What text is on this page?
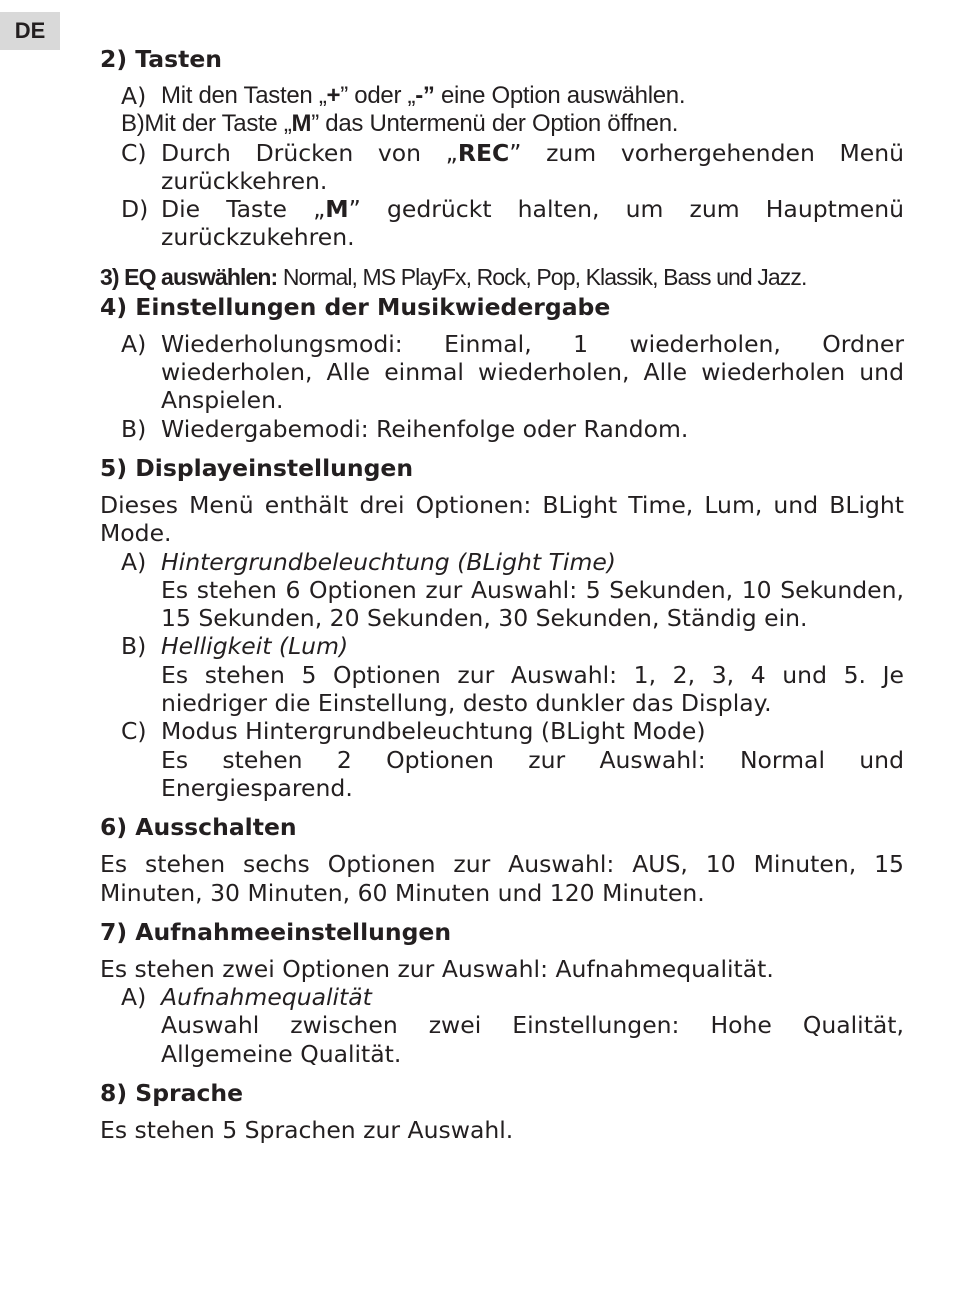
DE
2) Tasten
A) Mit den Tasten „+” oder „-” eine Option auswählen.
B) Mit der Taste „ M ” das Untermenü der Option öffnen.
C) Durch Drücken von „REC” zum vorhergehenden Menü zurückkehren.
D) Die Taste „M” gedrückt halten, um zum Hauptmenü zurückzukehren.

3) EQ auswählen: Normal, MS PlayFx, Rock, Pop, Klassik, Bass und Jazz.

4) Einstellungen der Musikwiedergabe
A) Wiederholungsmodi: Einmal, 1 wiederholen, Ordner wiederholen, Alle einmal wiederholen, Alle wiederholen und Anspielen.
B) Wiedergabemodi: Reihenfolge oder Random.
5) Displayeinstellungen

Dieses Menü enthält drei Optionen: BLight Time, Lum, und BLight Mode.

A) Hintergrundbeleuchtung (BLight Time)
Es stehen 6 Optionen zur Auswahl: 5 Sekunden, 10 Sekunden, 15 Sekunden, 20 Sekunden, 30 Sekunden, Ständig ein.
B) Helligkeit (Lum)
Es stehen 5 Optionen zur Auswahl: 1, 2, 3, 4 und 5. Je niedriger die Einstellung, desto dunkler das Display.
C) Modus Hintergrundbeleuchtung (BLight Mode)
Es stehen 2 Optionen zur Auswahl: Normal und Energiesparend.
6) Ausschalten

Es stehen sechs Optionen zur Auswahl: AUS, 10 Minuten, 15 Minuten, 30 Minuten, 60 Minuten und 120 Minuten.

7) Aufnahmeeinstellungen

Es stehen zwei Optionen zur Auswahl: Aufnahmequalität.

A) Aufnahmequalität
Auswahl zwischen zwei Einstellungen: Hohe Qualität, Allgemeine Qualität.
8) Sprache

Es stehen 5 Sprachen zur Auswahl.
